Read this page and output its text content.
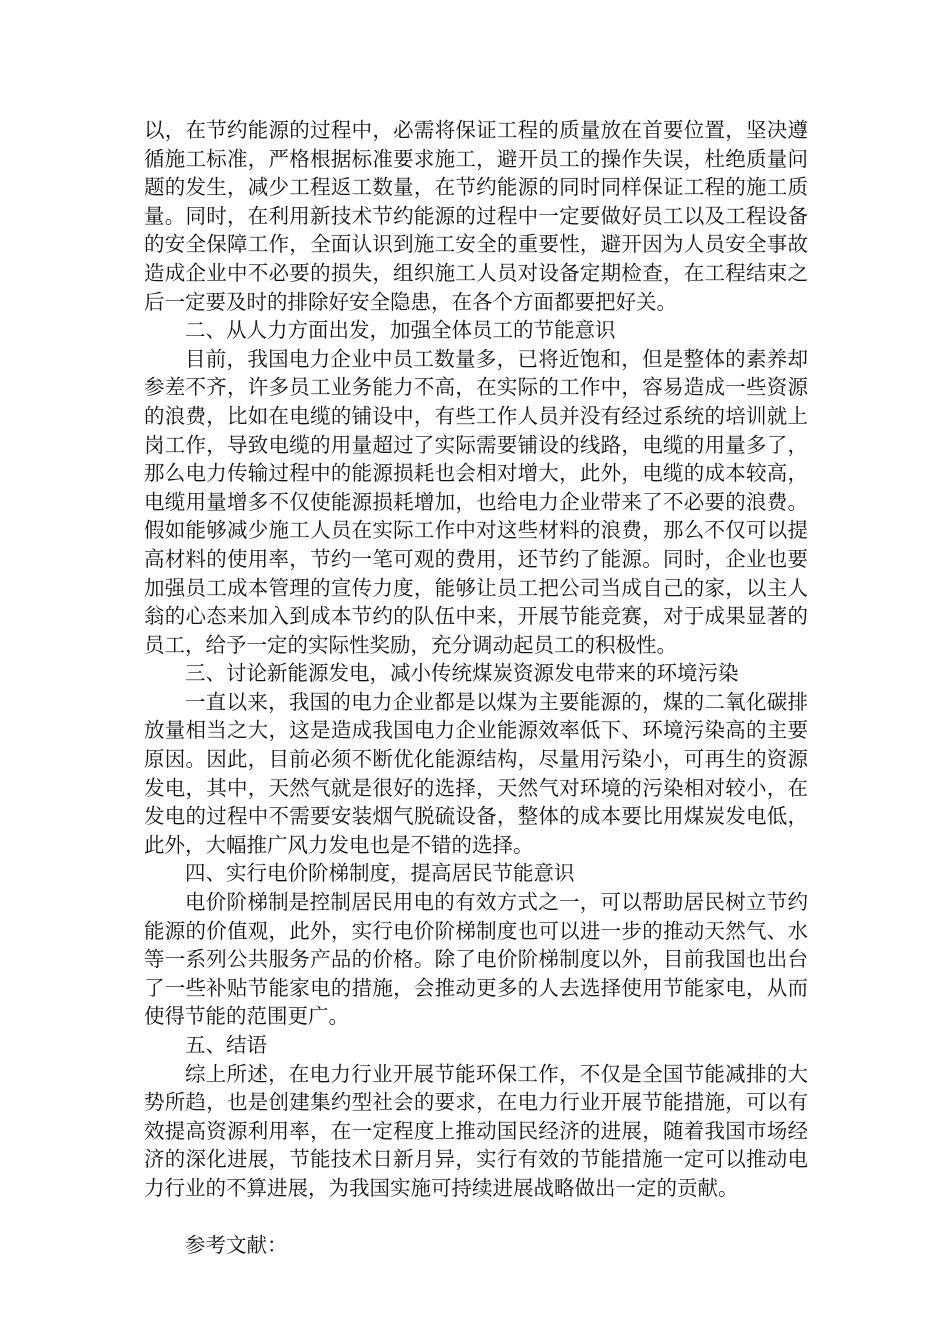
以，在节约能源的过程中，必需将保证工程的质量放在首要位置，坚决遵循施工标准，严格根据标准要求施工，避开员工的操作失误，杜绝质量问题的发生，减少工程返工数量，在节约能源的同时同样保证工程的施工质量。同时，在利用新技术节约能源的过程中一定要做好员工以及工程设备的安全保障工作，全面认识到施工安全的重要性，避开因为人员安全事故造成企业中不必要的损失，组织施工人员对设备定期检查，在工程结束之后一定要及时的排除好安全隐患，在各个方面都要把好关。

二、从人力方面出发，加强全体员工的节能意识

目前，我国电力企业中员工数量多，已将近饱和，但是整体的素养却参差不齐，许多员工业务能力不高，在实际的工作中，容易造成一些资源的浪费，比如在电缆的铺设中，有些工作人员并没有经过系统的培训就上岗工作，导致电缆的用量超过了实际需要铺设的线路，电缆的用量多了，那么电力传输过程中的能源损耗也会相对增大，此外，电缆的成本较高，电缆用量增多不仅使能源损耗增加，也给电力企业带来了不必要的浪费。假如能够减少施工人员在实际工作中对这些材料的浪费，那么不仅可以提高材料的使用率，节约一笔可观的费用，还节约了能源。同时，企业也要加强员工成本管理的宣传力度，能够让员工把公司当成自己的家，以主人翁的心态来加入到成本节约的队伍中来，开展节能竞赛，对于成果显著的员工，给予一定的实际性奖励，充分调动起员工的积极性。

三、讨论新能源发电，减小传统煤炭资源发电带来的环境污染

一直以来，我国的电力企业都是以煤为主要能源的，煤的二氧化碳排放量相当之大，这是造成我国电力企业能源效率低下、环境污染高的主要原因。因此，目前必须不断优化能源结构，尽量用污染小，可再生的资源发电，其中，天然气就是很好的选择，天然气对环境的污染相对较小，在发电的过程中不需要安装烟气脱硫设备，整体的成本要比用煤炭发电低，此外，大幅推广风力发电也是不错的选择。

四、实行电价阶梯制度，提高居民节能意识

电价阶梯制是控制居民用电的有效方式之一，可以帮助居民树立节约能源的价值观，此外，实行电价阶梯制度也可以进一步的推动天然气、水等一系列公共服务产品的价格。除了电价阶梯制度以外，目前我国也出台了一些补贴节能家电的措施，会推动更多的人去选择使用节能家电，从而使得节能的范围更广。

五、结语

综上所述，在电力行业开展节能环保工作，不仅是全国节能减排的大势所趋，也是创建集约型社会的要求，在电力行业开展节能措施，可以有效提高资源利用率，在一定程度上推动国民经济的进展，随着我国市场经济的深化进展，节能技术日新月异，实行有效的节能措施一定可以推动电力行业的不算进展，为我国实施可持续进展战略做出一定的贡献。

参考文献：
